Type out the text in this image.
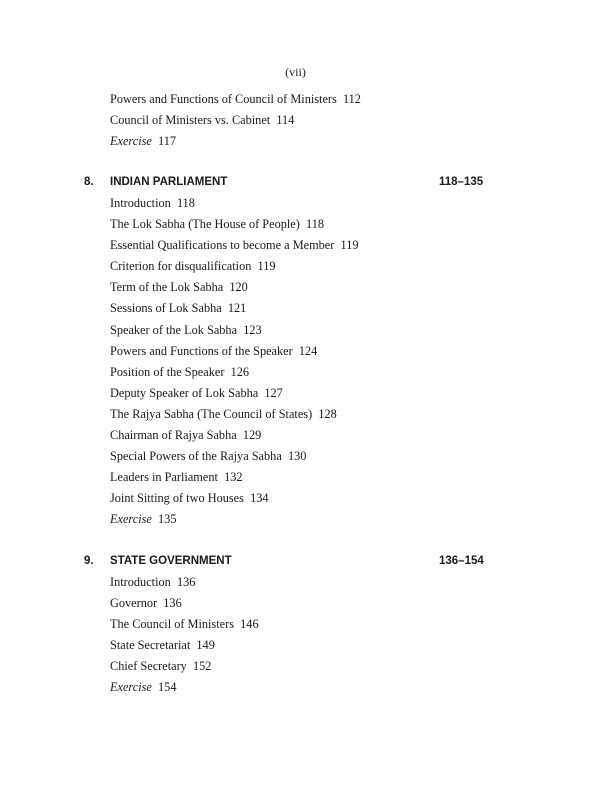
(vii)
Powers and Functions of Council of Ministers 112
Council of Ministers vs. Cabinet 114
Exercise 117
8. INDIAN PARLIAMENT	118–135
Introduction 118
The Lok Sabha (The House of People) 118
Essential Qualifications to become a Member 119
Criterion for disqualification 119
Term of the Lok Sabha 120
Sessions of Lok Sabha 121
Speaker of the Lok Sabha 123
Powers and Functions of the Speaker 124
Position of the Speaker 126
Deputy Speaker of Lok Sabha 127
The Rajya Sabha (The Council of States) 128
Chairman of Rajya Sabha 129
Special Powers of the Rajya Sabha 130
Leaders in Parliament 132
Joint Sitting of two Houses 134
Exercise 135
9. STATE GOVERNMENT	136–154
Introduction 136
Governor 136
The Council of Ministers 146
State Secretariat 149
Chief Secretary 152
Exercise 154
